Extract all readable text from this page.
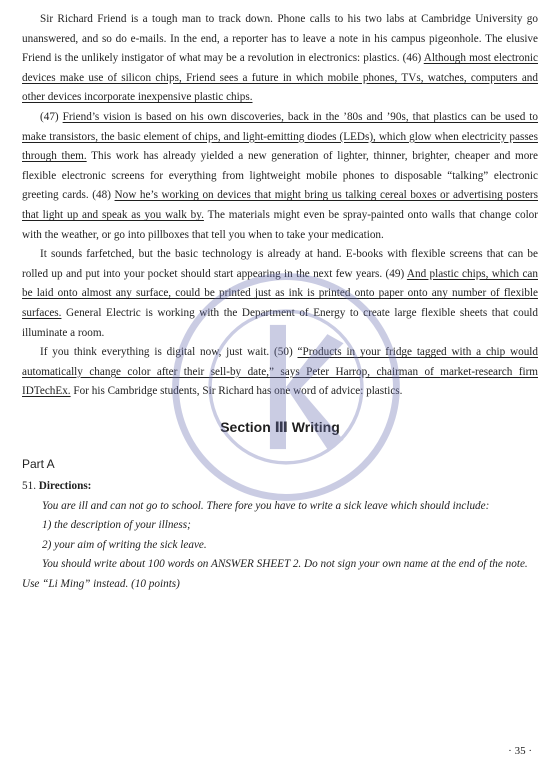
Sir Richard Friend is a tough man to track down. Phone calls to his two labs at Cambridge University go unanswered, and so do e-mails. In the end, a reporter has to leave a note in his campus pigeonhole. The elusive Friend is the unlikely instigator of what may be a revolution in electronics: plastics. (46) Although most electronic devices make use of silicon chips, Friend sees a future in which mobile phones, TVs, watches, computers and other devices incorporate inexpensive plastic chips.

(47) Friend’s vision is based on his own discoveries, back in the ’80s and ’90s, that plastics can be used to make transistors, the basic element of chips, and light-emitting diodes (LEDs), which glow when electricity passes through them. This work has already yielded a new generation of lighter, thinner, brighter, cheaper and more flexible electronic screens for everything from lightweight mobile phones to disposable “talking” electronic greeting cards. (48) Now he’s working on devices that might bring us talking cereal boxes or advertising posters that light up and speak as you walk by. The materials might even be spray-painted onto walls that change color with the weather, or go into pillboxes that tell you when to take your medication.

It sounds farfetched, but the basic technology is already at hand. E-books with flexible screens that can be rolled up and put into your pocket should start appearing in the next few years. (49) And plastic chips, which can be laid onto almost any surface, could be printed just as ink is printed onto paper onto any number of flexible surfaces. General Electric is working with the Department of Energy to create large flexible sheets that could illuminate a room.

If you think everything is digital now, just wait. (50) “Products in your fridge tagged with a chip would automatically change color after their sell-by date,” says Peter Harrop, chairman of market-research firm IDTechEx. For his Cambridge students, Sir Richard has one word of advice: plastics.

Section Ⅲ Writing
Part A

51. Directions:

You are ill and can not go to school. There fore you have to write a sick leave which should include:

1) the description of your illness;

2) your aim of writing the sick leave.

You should write about 100 words on ANSWER SHEET 2. Do not sign your own name at the end of the note. Use “Li Ming” instead. (10 points)

· 35 ·
